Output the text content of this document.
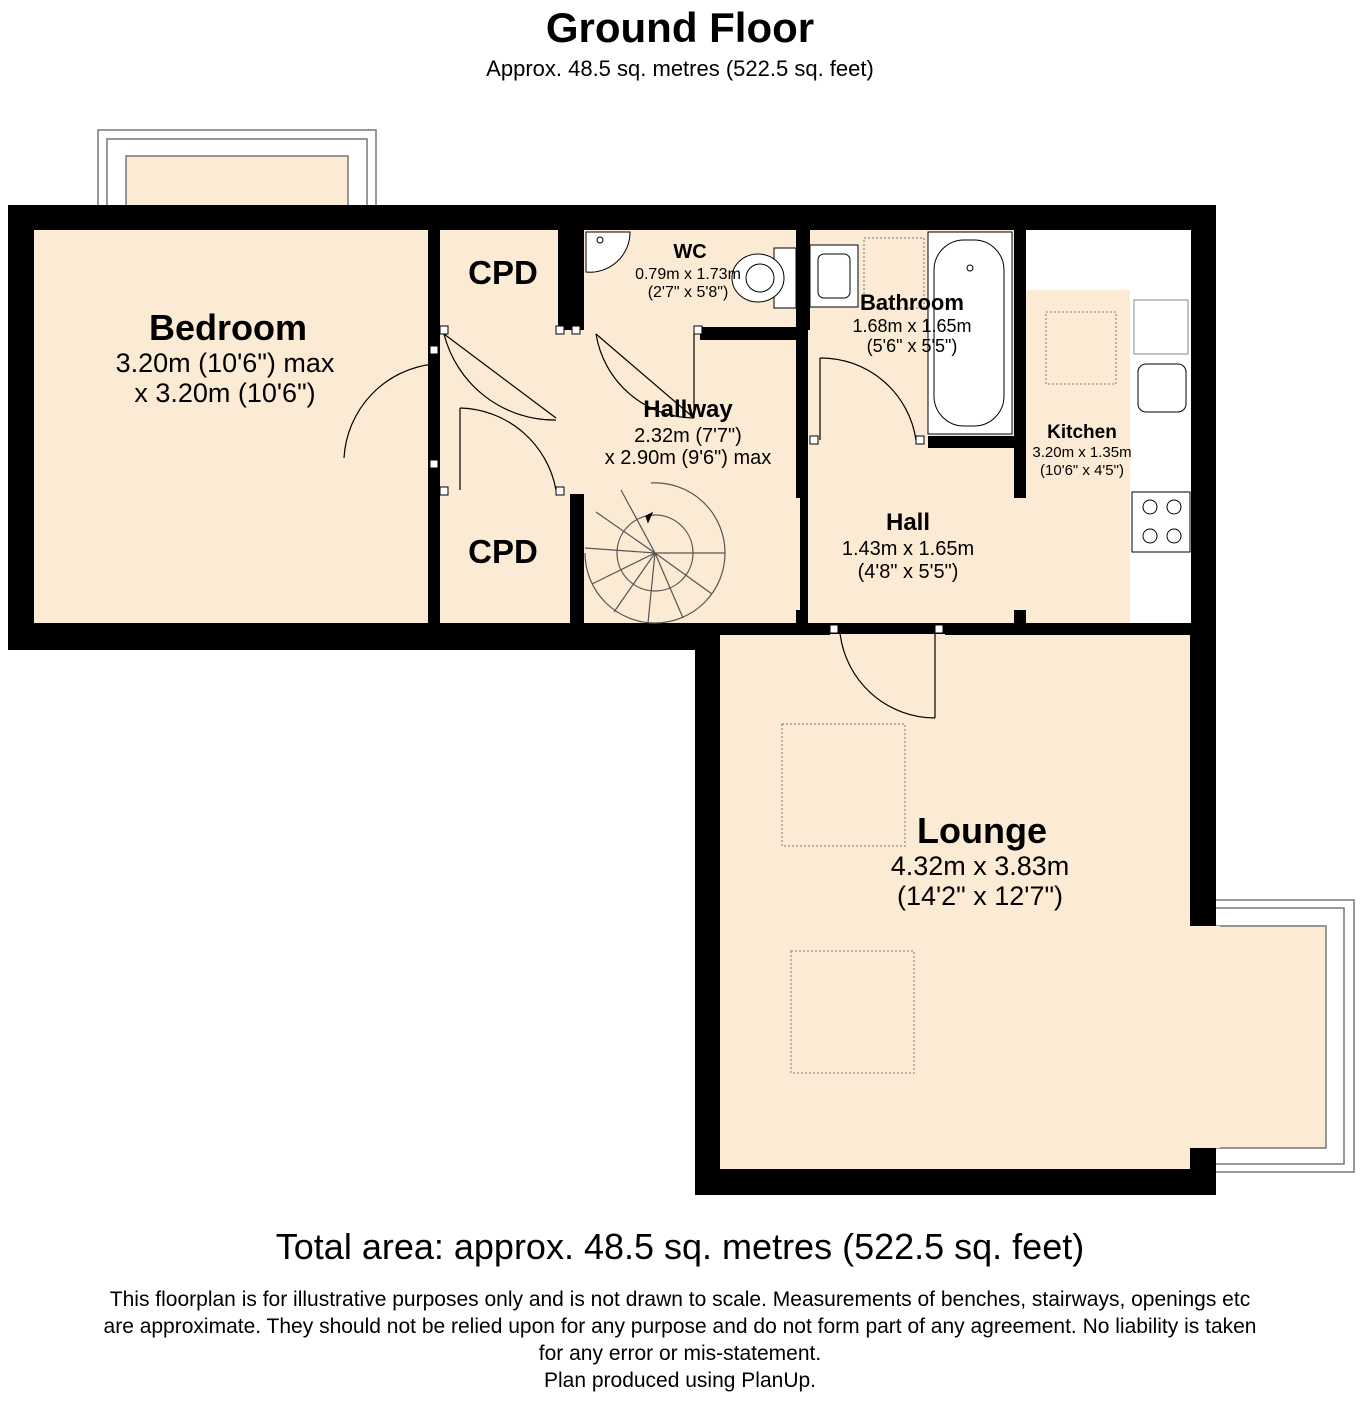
Ground Floor
Approx. 48.5 sq. metres (522.5 sq. feet)
Bedroom
3.20m (10'6") max
x 3.20m (10'6")
CPD
CPD
WC
0.79m x 1.73m
(2'7" x 5'8")	Bathroom
1.68m x 1.65m
(5'6" x 5'5")
Hallway
2.32m (7'7")
x 2.90m (9'6") max
Kitchen
3.20m x 1.35m
(10'6" x 4'5")
Hall
1.43m x 1.65m
(4'8" x 5'5")
Lounge
4.32m x 3.83m
(14'2" x 12'7")
Total area: approx. 48.5 sq. metres (522.5 sq. feet)
This floorplan is for illustrative purposes only and is not drawn to scale. Measurements of benches, stairways, openings etc
are approximate. They should not be relied upon for any purpose and do not form part of any agreement. No liability is taken
for any error or mis-statement.
Plan produced using PlanUp.
